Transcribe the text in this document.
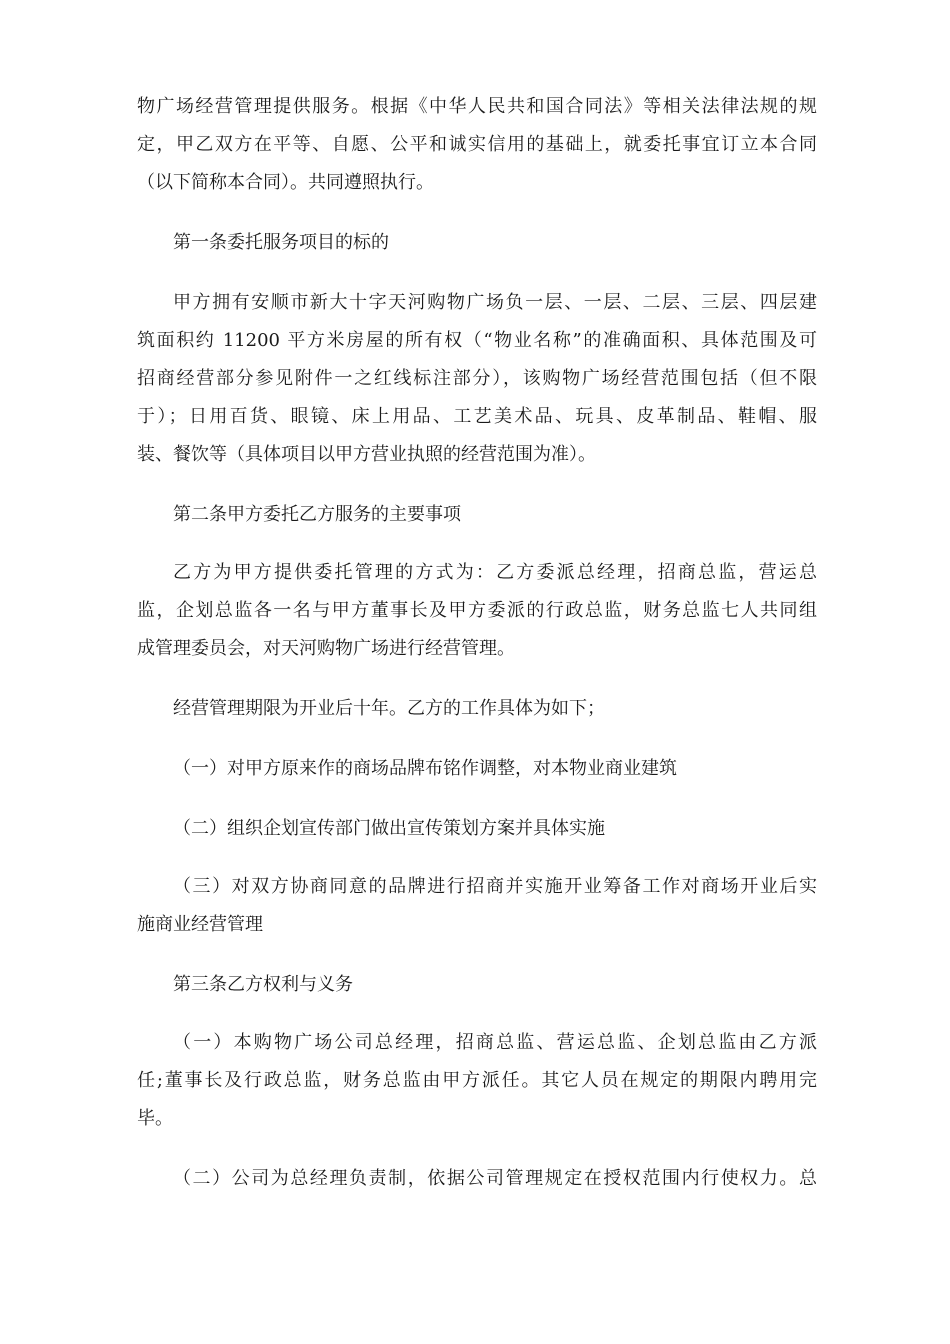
物广场经营管理提供服务。根据《中华人民共和国合同法》等相关法律法规的规
定，甲乙双方在平等、自愿、公平和诚实信用的基础上，就委托事宜订立本合同
（以下简称本合同）。共同遵照执行。
第一条委托服务项目的标的
甲方拥有安顺市新大十字天河购物广场负一层、一层、二层、三层、四层建
筑面积约 11200 平方米房屋的所有权（“物业名称”的准确面积、具体范围及可
招商经营部分参见附件一之红线标注部分），该购物广场经营范围包括（但不限
于）；日用百货、眼镜、床上用品、工艺美术品、玩具、皮革制品、鞋帽、服
装、餐饮等（具体项目以甲方营业执照的经营范围为准）。
第二条甲方委托乙方服务的主要事项
乙方为甲方提供委托管理的方式为：乙方委派总经理，招商总监，营运总
监，企划总监各一名与甲方董事长及甲方委派的行政总监，财务总监七人共同组
成管理委员会，对天河购物广场进行经营管理。
经营管理期限为开业后十年。乙方的工作具体为如下；
（一）对甲方原来作的商场品牌布铭作调整，对本物业商业建筑
（二）组织企划宣传部门做出宣传策划方案并具体实施
（三）对双方协商同意的品牌进行招商并实施开业筹备工作对商场开业后实
施商业经营管理
第三条乙方权利与义务
（一）本购物广场公司总经理，招商总监、营运总监、企划总监由乙方派
任;董事长及行政总监，财务总监由甲方派任。其它人员在规定的期限内聘用完
毕。
（二）公司为总经理负责制，依据公司管理规定在授权范围内行使权力。总
